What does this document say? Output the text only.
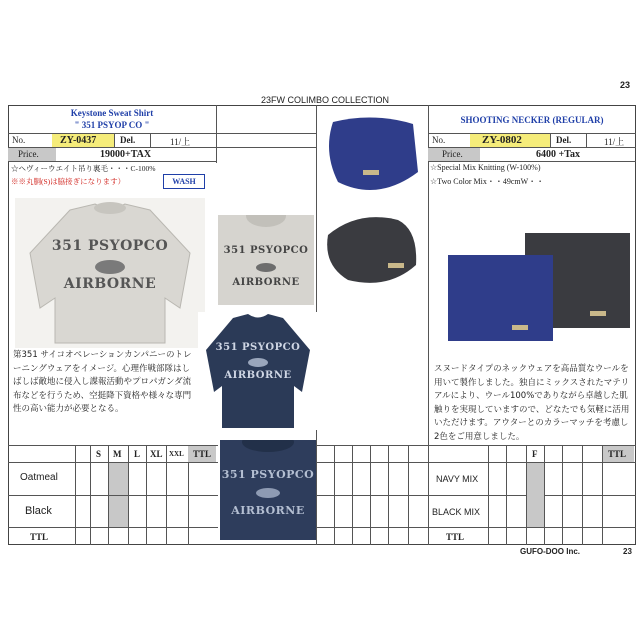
23
23FW COLIMBO COLLECTION
Keystone Sweat Shirt
" 351 PSYOP CO "
No.	ZY-0437	Del.	11/上
Price.	19000+TAX
☆ヘヴィーウエイト吊り裏毛・・・C-100%
※※丸胴(S)は脇接ぎになります）	WASH
351 PSYOPCO
AIRBORNE
351 PSYOPCO
AIRBORNE
351 PSYOPCO
AIRBORNE
第351 サイコオペレーションカンパニーのトレーニングウェアをイメージ。心理作戦部隊はしばしば敵地に侵入し諜報活動やプロパガンダ流布などを行うため、空挺降下資格や様々な専門性の高い能力が必要となる。
351 PSYOPCO
AIRBORNE
S M L XL XXL TTL
Oatmeal
Black
TTL
SHOOTING NECKER (REGULAR)
No.	ZY-0802	Del.	11/上
Price.	6400 +Tax
☆Special Mix Knitting (W-100%)
☆Two Color Mix・・49cmW・・
スヌードタイプのネックウェアを高品質なウールを用いて製作しました。独自にミックスされたマテリアルにより、ウール100%でありながら卓越した肌触りを実現していますので、どなたでも気軽に活用いただけます。アウターとのカラーマッチを考慮し2色をご用意しました。
F	TTL
NAVY MIX
BLACK MIX
TTL
GUFO-DOO Inc.	23
